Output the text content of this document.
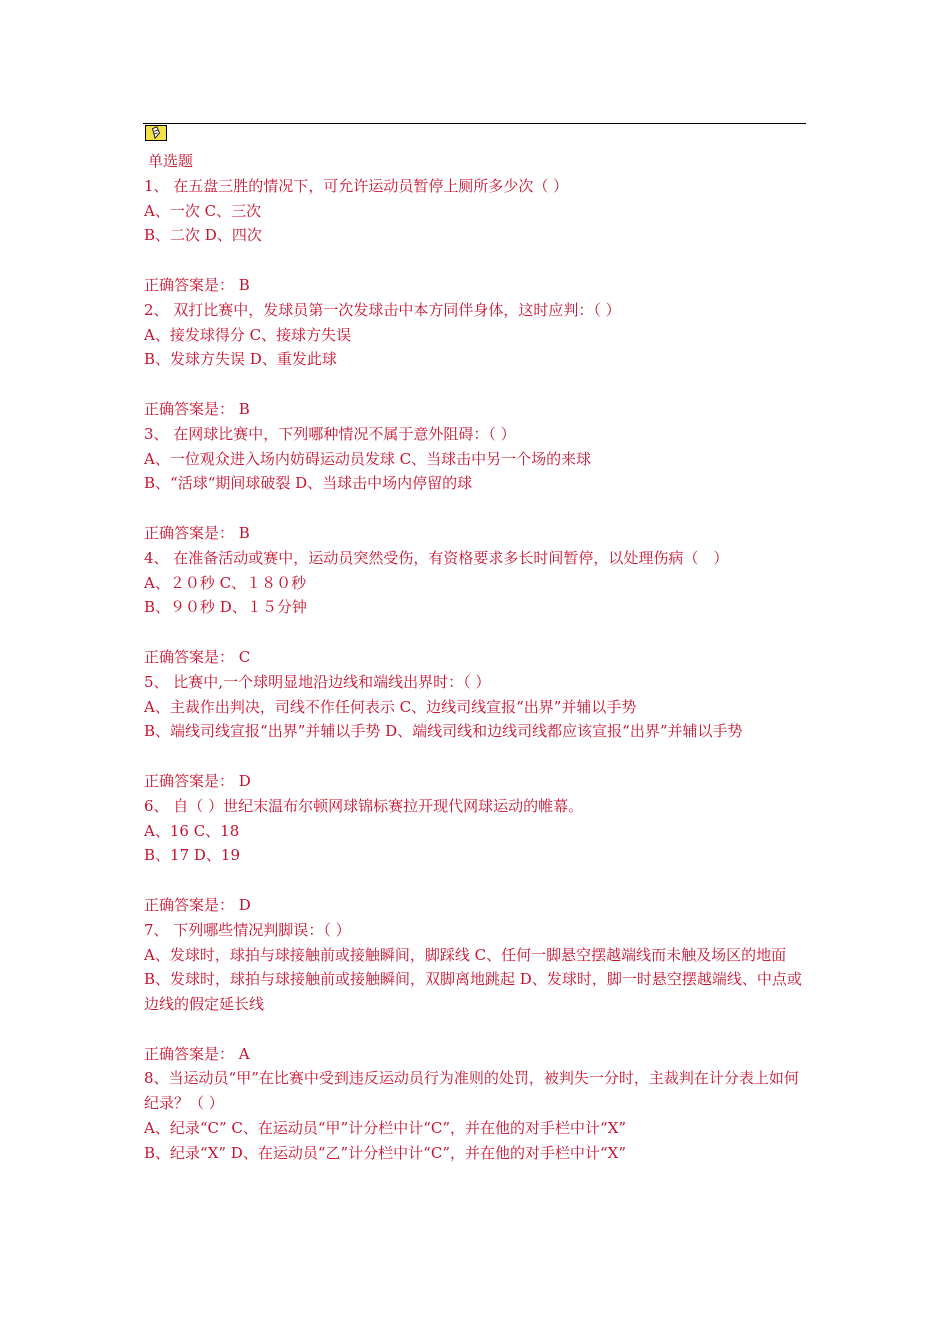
单选题

1、 在五盘三胜的情况下，可允许运动员暂停上厕所多少次（ ）

A、一次 C、三次

B、二次 D、四次

正确答案是： B

2、 双打比赛中，发球员第一次发球击中本方同伴身体，这时应判：（ ）

A、接发球得分 C、接球方失误

B、发球方失误 D、重发此球

正确答案是： B

3、 在网球比赛中，下列哪种情况不属于意外阻碍：（ ）

A、一位观众进入场内妨碍运动员发球 C、当球击中另一个场的来球

B、“活球“期间球破裂 D、当球击中场内停留的球

正确答案是： B

4、 在准备活动或赛中，运动员突然受伤，有资格要求多长时间暂停，以处理伤病（　）

A、２０秒 C、１８０秒

B、９０秒 D、１５分钟

正确答案是： C

5、 比赛中,一个球明显地沿边线和端线出界时：（ ）

A、主裁作出判决，司线不作任何表示 C、边线司线宣报“出界”并辅以手势

B、端线司线宣报“出界”并辅以手势 D、端线司线和边线司线都应该宣报“出界”并辅以手势

正确答案是： D

6、 自（ ）世纪末温布尔顿网球锦标赛拉开现代网球运动的帷幕。

A、16 C、18

B、17 D、19

正确答案是： D

7、 下列哪些情况判脚误：（ ）

A、发球时，球拍与球接触前或接触瞬间，脚踩线 C、任何一脚悬空摆越端线而未触及场区的地面

B、发球时，球拍与球接触前或接触瞬间，双脚离地跳起 D、发球时，脚一时悬空摆越端线、中点或边线的假定延长线

正确答案是： A

8、当运动员“甲”在比赛中受到违反运动员行为准则的处罚，被判失一分时，主裁判在计分表上如何纪录？（ ）

A、纪录“C” C、在运动员“甲”计分栏中计“C”，并在他的对手栏中计“X”

B、纪录“X” D、在运动员“乙”计分栏中计“C”，并在他的对手栏中计“X”
